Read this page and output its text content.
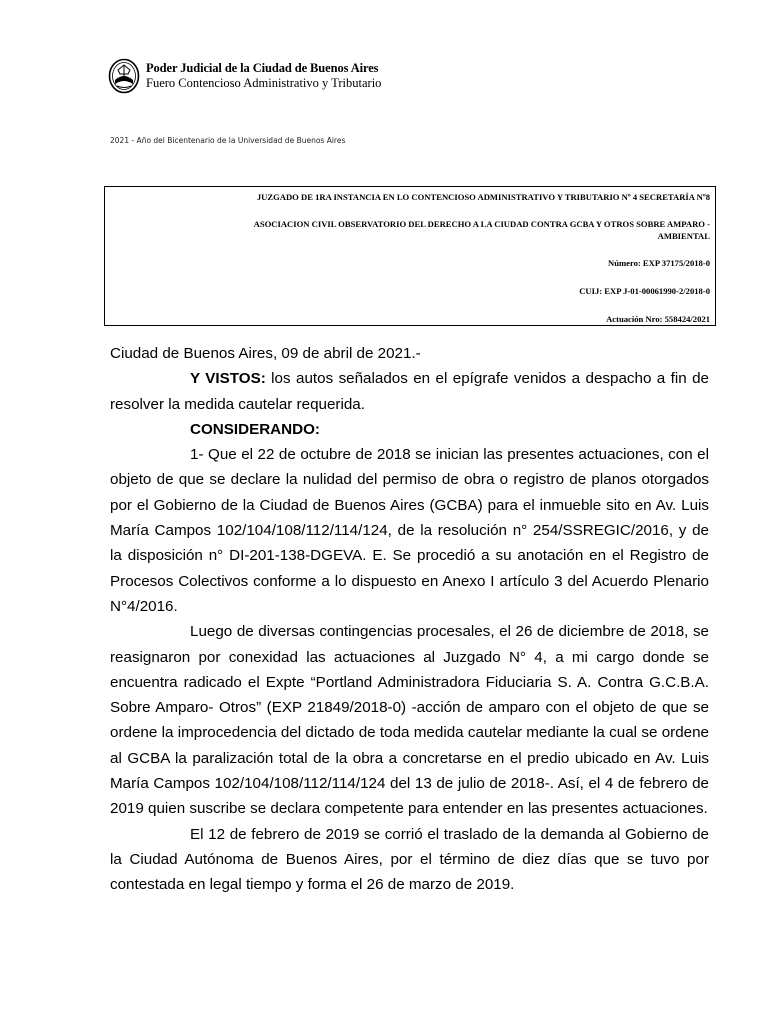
Poder Judicial de la Ciudad de Buenos Aires
Fuero Contencioso Administrativo y Tributario
2021 - Año del Bicentenario de la Universidad de Buenos Aires
JUZGADO DE 1RA INSTANCIA EN LO CONTENCIOSO ADMINISTRATIVO Y TRIBUTARIO Nº 4 SECRETARÍA Nº8
ASOCIACION CIVIL OBSERVATORIO DEL DERECHO A LA CIUDAD CONTRA GCBA Y OTROS SOBRE AMPARO -
AMBIENTAL
Número: EXP 37175/2018-0
CUIJ: EXP J-01-00061990-2/2018-0
Actuación Nro: 558424/2021

Ciudad de Buenos Aires, 09 de abril de 2021.-

Y VISTOS: los autos señalados en el epígrafe venidos a despacho a fin de resolver la medida cautelar requerida.

CONSIDERANDO:

1- Que el 22 de octubre de 2018 se inician las presentes actuaciones, con el objeto de que se declare la nulidad del permiso de obra o registro de planos otorgados por el Gobierno de la Ciudad de Buenos Aires (GCBA) para el inmueble sito en Av. Luis María Campos 102/104/108/112/114/124, de la resolución n° 254/SSREGIC/2016, y de la disposición n° DI-201-138-DGEVA. E. Se procedió a su anotación en el Registro de Procesos Colectivos conforme a lo dispuesto en Anexo I artículo 3 del Acuerdo Plenario N°4/2016.

Luego de diversas contingencias procesales, el 26 de diciembre de 2018, se reasignaron por conexidad las actuaciones al Juzgado N° 4, a mi cargo donde se encuentra radicado el Expte “Portland Administradora Fiduciaria S. A. Contra G.C.B.A. Sobre Amparo- Otros” (EXP 21849/2018-0) -acción de amparo con el objeto de que se ordene la improcedencia del dictado de toda medida cautelar mediante la cual se ordene al GCBA la paralización total de la obra a concretarse en el predio ubicado en Av. Luis María Campos 102/104/108/112/114/124 del 13 de julio de 2018-. Así, el 4 de febrero de 2019 quien suscribe se declara competente para entender en las presentes actuaciones.

El 12 de febrero de 2019 se corrió el traslado de la demanda al Gobierno de la Ciudad Autónoma de Buenos Aires, por el término de diez días que se tuvo por contestada en legal tiempo y forma el 26 de marzo de 2019.
